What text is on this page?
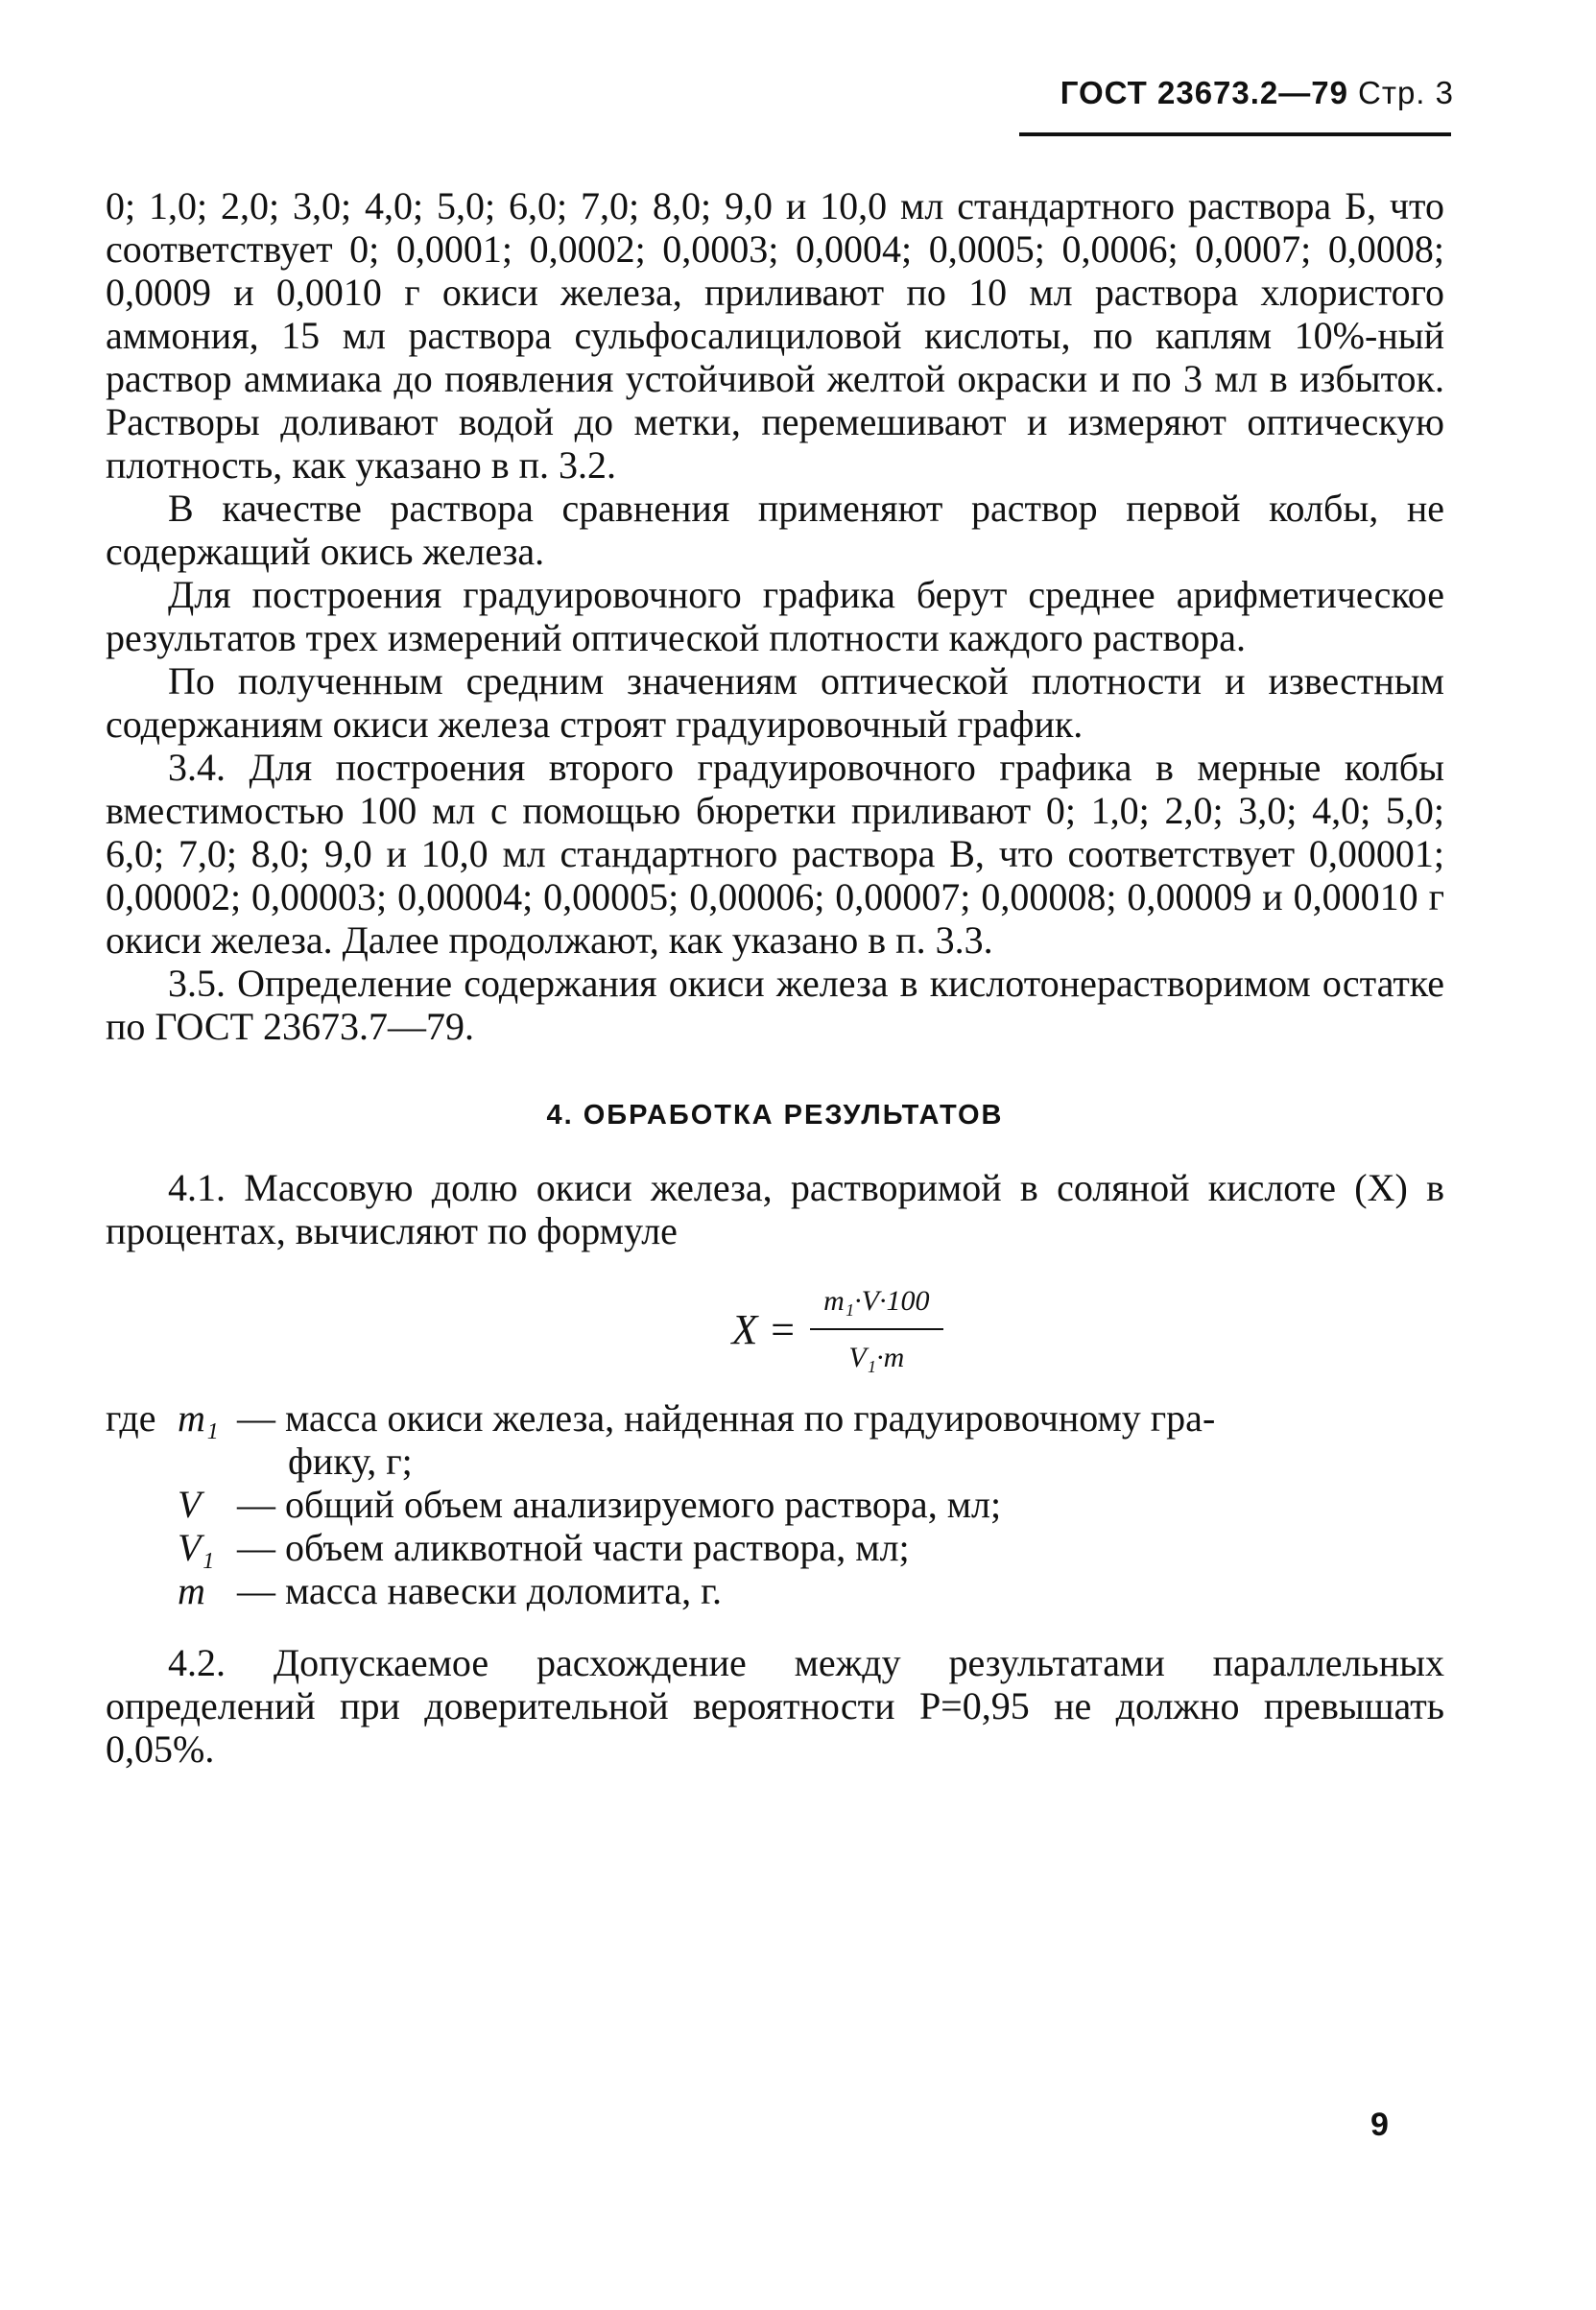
ГОСТ 23673.2—79 Стр. 3

0; 1,0; 2,0; 3,0; 4,0; 5,0; 6,0; 7,0; 8,0; 9,0 и 10,0 мл стандартного раствора Б, что соответствует 0; 0,0001; 0,0002; 0,0003; 0,0004; 0,0005; 0,0006; 0,0007; 0,0008; 0,0009 и 0,0010 г окиси железа, приливают по 10 мл раствора хлористого аммония, 15 мл раствора сульфосалициловой кислоты, по каплям 10%-ный раствор аммиака до появления устойчивой желтой окраски и по 3 мл в избыток. Растворы доливают водой до метки, перемешивают и измеряют оптическую плотность, как указано в п. 3.2.

В качестве раствора сравнения применяют раствор первой колбы, не содержащий окись железа.

Для построения градуировочного графика берут среднее арифметическое результатов трех измерений оптической плотности каждого раствора.

По полученным средним значениям оптической плотности и известным содержаниям окиси железа строят градуировочный график.

3.4. Для построения второго градуировочного графика в мерные колбы вместимостью 100 мл с помощью бюретки приливают 0; 1,0; 2,0; 3,0; 4,0; 5,0; 6,0; 7,0; 8,0; 9,0 и 10,0 мл стандартного раствора В, что соответствует 0,00001; 0,00002; 0,00003; 0,00004; 0,00005; 0,00006; 0,00007; 0,00008; 0,00009 и 0,00010 г окиси железа. Далее продолжают, как указано в п. 3.3.

3.5. Определение содержания окиси железа в кислотонерастворимом остатке по ГОСТ 23673.7—79.

4. ОБРАБОТКА РЕЗУЛЬТАТОВ

4.1. Массовую долю окиси железа, растворимой в соляной кислоте (X) в процентах, вычисляют по формуле

$X = \frac{\text{m₁·V·100}}{\text{V₁·m}}$
где m₁ — масса окиси железа, найденная по градуировочному гра-
фику, г;
V — общий объем анализируемого раствора, мл;
V₁ — объем аликвотной части раствора, мл;
m — масса навески доломита, г.

4.2. Допускаемое расхождение между результатами параллельных определений при доверительной вероятности P=0,95 не должно превышать 0,05%.

9
